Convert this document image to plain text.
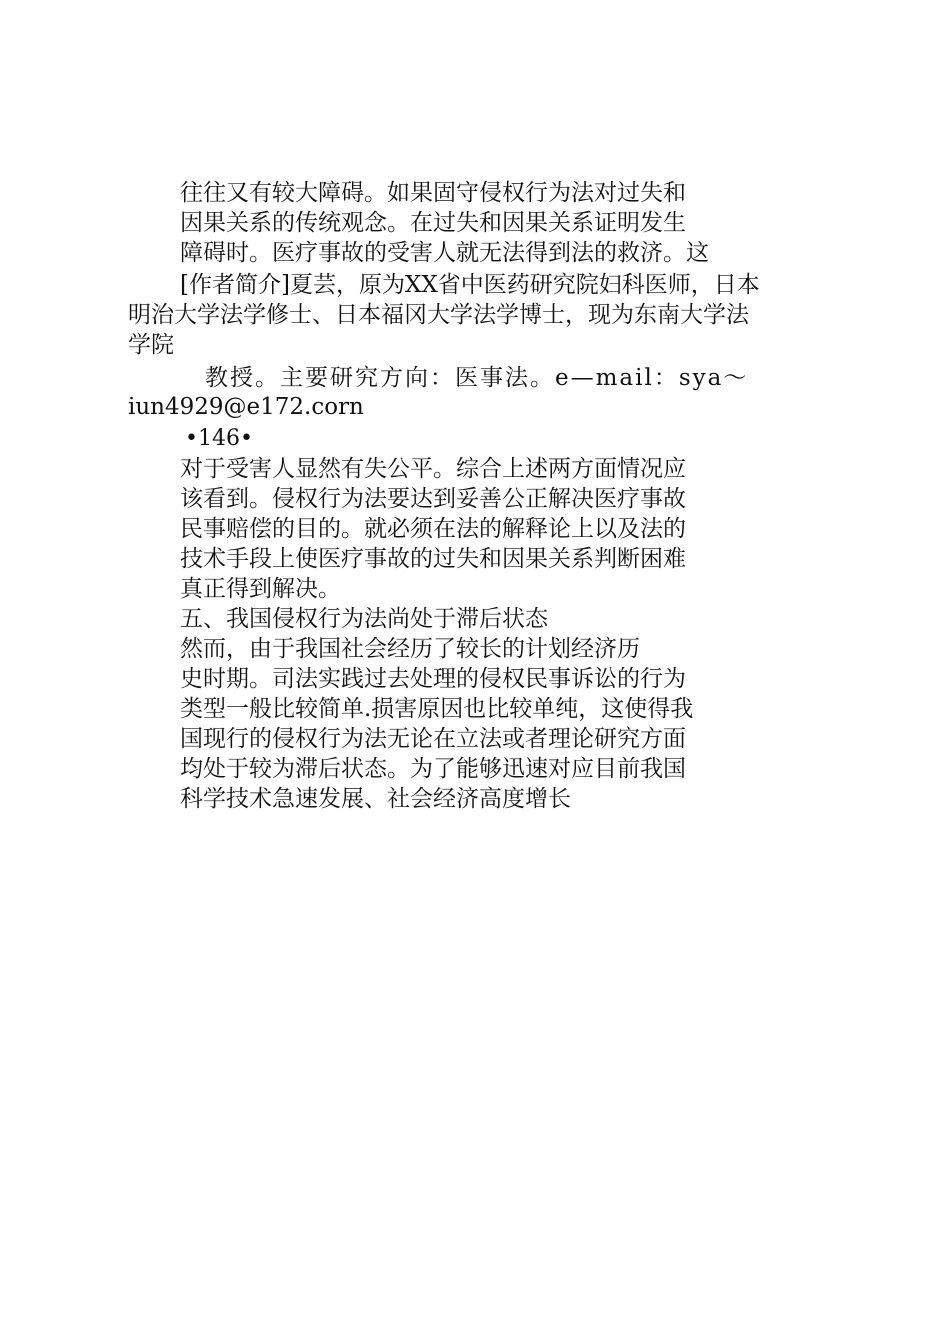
往往又有较大障碍。如果固守侵权行为法对过失和
因果关系的传统观念。在过失和因果关系证明发生
障碍时。医疗事故的受害人就无法得到法的救济。这
[作者简介]夏芸，原为XX省中医药研究院妇科医师，日本
明治大学法学修士、日本福冈大学法学博士，现为东南大学法
学院
教授。主要研究方向：医事法。e—mail：sya～
iun4929@e172.corn
•146•
对于受害人显然有失公平。综合上述两方面情况应
该看到。侵权行为法要达到妥善公正解决医疗事故
民事赔偿的目的。就必须在法的解释论上以及法的
技术手段上使医疗事故的过失和因果关系判断困难
真正得到解决。
五、我国侵权行为法尚处于滞后状态
然而，由于我国社会经历了较长的计划经济历
史时期。司法实践过去处理的侵权民事诉讼的行为
类型一般比较简单.损害原因也比较单纯，这使得我
国现行的侵权行为法无论在立法或者理论研究方面
均处于较为滞后状态。为了能够迅速对应目前我国
科学技术急速发展、社会经济高度增长
